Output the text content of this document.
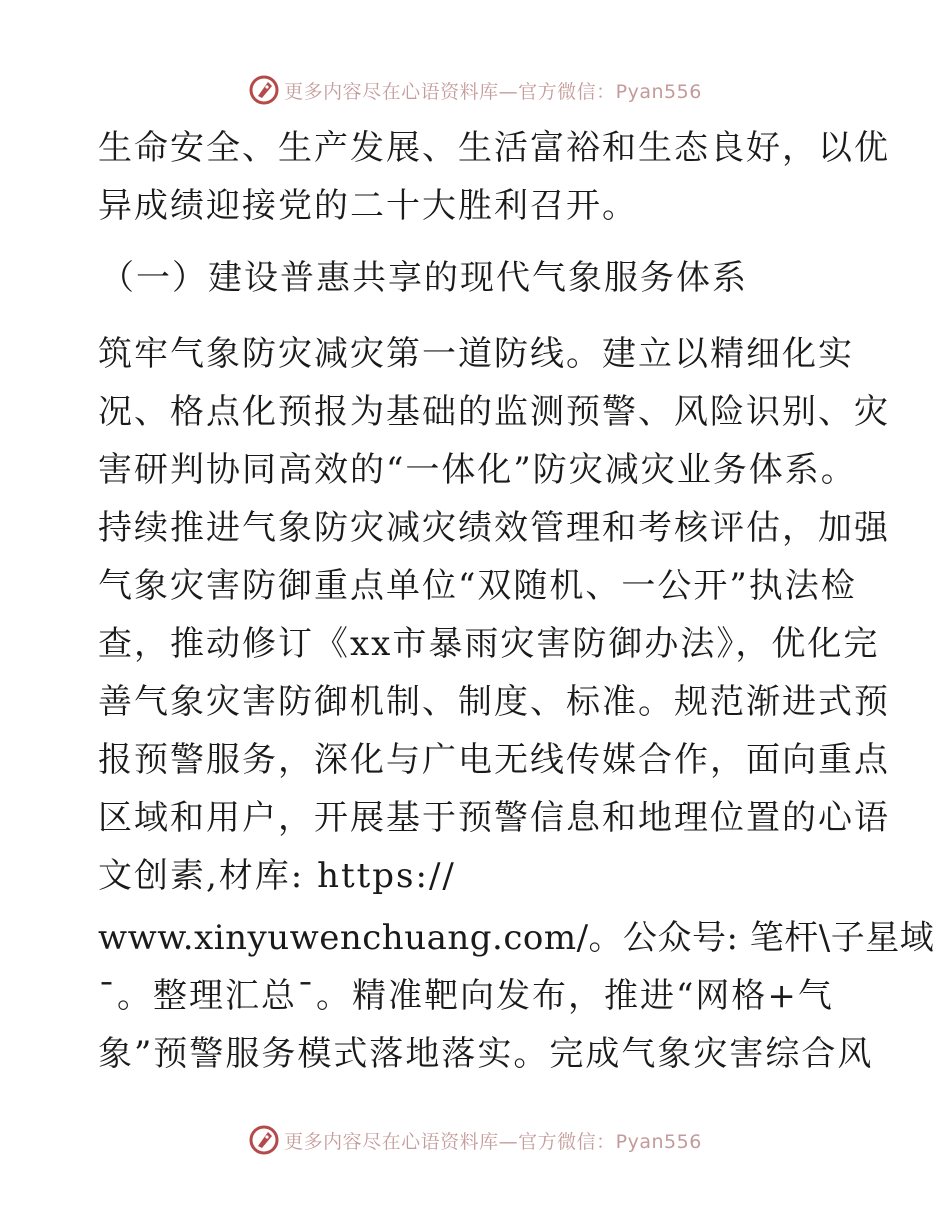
更多内容尽在心语资料库—官方微信：Pyan556
生命安全、生产发展、生活富裕和生态良好，以优
异成绩迎接党的二十大胜利召开。
（一）建设普惠共享的现代气象服务体系
筑牢气象防灾减灾第一道防线。建立以精细化实
况、格点化预报为基础的监测预警、风险识别、灾
害研判协同高效的“一体化”防灾减灾业务体系。
持续推进气象防灾减灾绩效管理和考核评估，加强
气象灾害防御重点单位“双随机、一公开”执法检
查，推动修订《xx市暴雨灾害防御办法》，优化完
善气象灾害防御机制、制度、标准。规范渐进式预
报预警服务，深化与广电无线传媒合作，面向重点
区域和用户，开展基于预警信息和地理位置的心语
文创素,材库: https://
www.xinyuwenchuang.com/。公众号: 笔杆\子星域
¯。整理汇总¯。精准靶向发布，推进“网格+气
象”预警服务模式落地落实。完成气象灾害综合风
更多内容尽在心语资料库—官方微信：Pyan556
